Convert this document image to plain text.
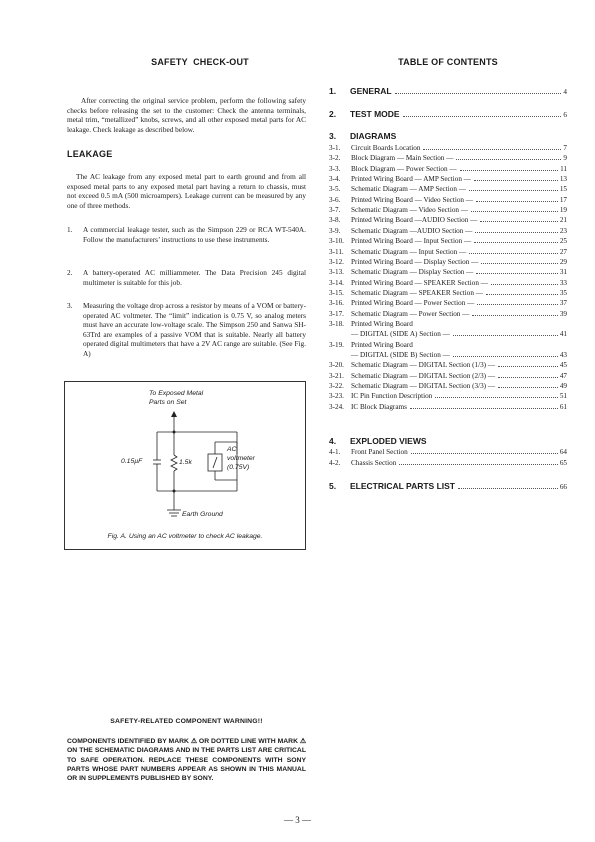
SAFETY  CHECK-OUT
After correcting the original service problem, perform the following safety checks before releasing the set to the customer: Check the antenna terminals, metal trim, “metallized” knobs, screws, and all other exposed metal parts for AC leakage. Check leakage as described below.
LEAKAGE
The AC leakage from any exposed metal part to earth ground and from all exposed metal parts to any exposed metal part having a return to chassis, must not exceed 0.5 mA (500 microampers). Leakage current can be measured by any one of three methods.
1. A commercial leakage tester, such as the Simpson 229 or RCA WT-540A. Follow the manufacturers’ instructions to use these instruments.
2. A battery-operated AC milliammeter. The Data Precision 245 digital multimeter is suitable for this job.
3. Measuring the voltage drop across a resistor by means of a VOM or battery-operated AC voltmeter. The “limit” indication is 0.75 V, so analog meters must have an accurate low-voltage scale. The Simpson 250 and Sanwa SH-63Trd are examples of a passive VOM that is suitable. Nearly all battery operated digital multimeters that have a 2V AC range are suitable. (See Fig. A)
To Exposed Metal
Parts on Set
0.15µF	1.5k
AC
voltmeter
(0.75V)
Earth Ground
Fig. A. Using an AC voltmeter to check AC leakage.
SAFETY-RELATED COMPONENT WARNING!!
COMPONENTS IDENTIFIED BY MARK ⚠ OR DOTTED LINE WITH MARK ⚠ ON THE SCHEMATIC DIAGRAMS AND IN THE PARTS LIST ARE CRITICAL TO SAFE OPERATION. REPLACE THESE COMPONENTS WITH SONY PARTS WHOSE PART NUMBERS APPEAR AS SHOWN IN THIS MANUAL OR IN SUPPLEMENTS PUBLISHED BY SONY.
TABLE OF CONTENTS
1. GENERAL	4
2. TEST MODE	6
3. DIAGRAMS
3-1. Circuit Boards Location	7
3-2. Block Diagram — Main Section —	9
3-3. Block Diagram — Power Section —	11
3-4. Printed Wiring Board — AMP Section —	13
3-5. Schematic Diagram — AMP Section —	15
3-6. Printed Wiring Board — Video Section —	17
3-7. Schematic Diagram — Video Section —	19
3-8. Printed Wiring Board —AUDIO Section —	21
3-9. Schematic Diagram —AUDIO Section —	23
3-10. Printed Wiring Board — Input Section —	25
3-11. Schematic Diagram — Input Section —	27
3-12. Printed Wiring Board — Display Section —	29
3-13. Schematic Diagram — Display Section —	31
3-14. Printed Wiring Board — SPEAKER Section —	33
3-15. Schematic Diagram — SPEAKER Section —	35
3-16. Printed Wiring Board — Power Section —	37
3-17. Schematic Diagram — Power Section —	39
3-18. Printed Wiring Board
— DIGITAL (SIDE A) Section —	41
3-19. Printed Wiring Board
— DIGITAL (SIDE B) Section —	43
3-20. Schematic Diagram — DIGITAL Section (1/3) —	45
3-21. Schematic Diagram — DIGITAL Section (2/3) —	47
3-22. Schematic Diagram — DIGITAL Section (3/3) —	49
3-23. IC Pin Function Description	51
3-24. IC Block Diagrams	61
4. EXPLODED VIEWS
4-1. Front Panel Section	64
4-2. Chassis Section	65
5. ELECTRICAL PARTS LIST	66
— 3 —
